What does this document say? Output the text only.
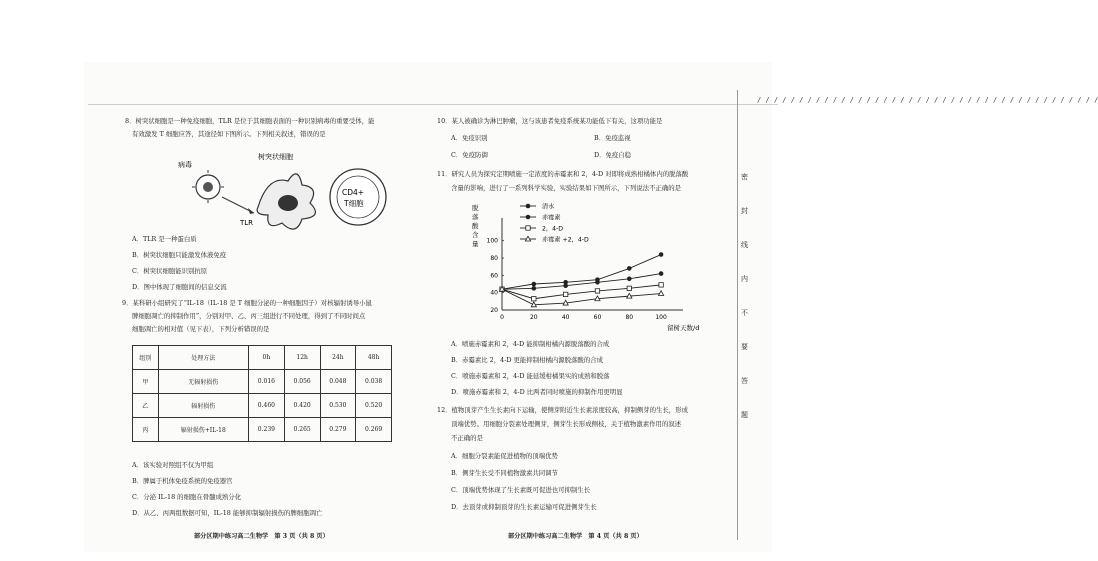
8．树突状细胞是一种免疫细胞，TLR 是位于其细胞表面的一种识别病毒的重要受体，能
有效激发 T 细胞应答，其途径如下图所示。下列相关叙述，错误的是
病毒
TLR
树突状细胞
CD4+
T细胞
A．TLR 是一种蛋白质
B．树突状细胞只能激发体液免疫
C．树突状细胞能识别抗原
D．图中体现了细胞间的信息交流
9．某科研小组研究了“IL-18（IL-18 是 T 细胞分泌的一种细胞因子）对核辐射诱导小鼠
脾细胞凋亡的抑制作用”，分别对甲、乙、丙三组进行不同处理，得到了不同时间点
细胞凋亡的相对值（见下表），下列分析错误的是
组别	处理方法	0h	12h	24h	48h
甲	无辐射损伤	0.016	0.056	0.048	0.038
乙	辐射损伤	0.460	0.420	0.530	0.520
丙	辐射损伤+IL-18	0.239	0.265	0.279	0.269
A．该实验对照组不仅为甲组
B．脾属于机体免疫系统的免疫器官
C．分泌 IL-18 的细胞在骨髓成熟分化
D．从乙、丙两组数据可知，IL-18 能够抑制辐射损伤的脾细胞凋亡
10．某人被确诊为淋巴肿瘤，这与该患者免疫系统某功能低下有关，这项功能是
A．免疫识别	B．免疫监视
C．免疫防御	D．免疫自稳
11．研究人员为探究定期喷施一定浓度的赤霉素和 2，4-D 对即将成熟柑橘体内的脱落酸
含量的影响，进行了一系列科学实验，实验结果如下图所示，下列说法不正确的是
脱
落
酸
含
量
20
40
60
80
100
0	20	40	60	80	100
留树天数/d
清水
赤霉素
2，4-D
赤霉素 +2，4-D
A．喷施赤霉素和 2，4-D 能抑制柑橘内源脱落酸的合成
B．赤霉素比 2，4-D 更能抑制柑橘内源脱落酸的合成
C．喷施赤霉素和 2，4-D 能延缓柑橘果实的成熟和脱落
D．喷施赤霉素和 2，4-D 比两者同时喷施的抑制作用更明显
12．植物顶芽产生生长素向下运输，使侧芽附近生长素浓度较高，抑制侧芽的生长，形成
顶端优势。用细胞分裂素处理侧芽，侧芽生长形成侧枝，关于植物激素作用的叙述
不正确的是
A．细胞分裂素能促进植物的顶端优势
B．侧芽生长受不同植物激素共同调节
C．顶端优势体现了生长素既可促进也可抑制生长
D．去顶芽或抑制顶芽的生长素运输可促进侧芽生长
部分区期中练习高二生物学　第 3 页（共 8 页）	部分区期中练习高二生物学　第 4 页（共 8 页）
/ / / / / / / / / / / / / / / / / / / / / / / / / / / / / / / / / / / / / / / / /
密
封
线
内
不
要
答
题
